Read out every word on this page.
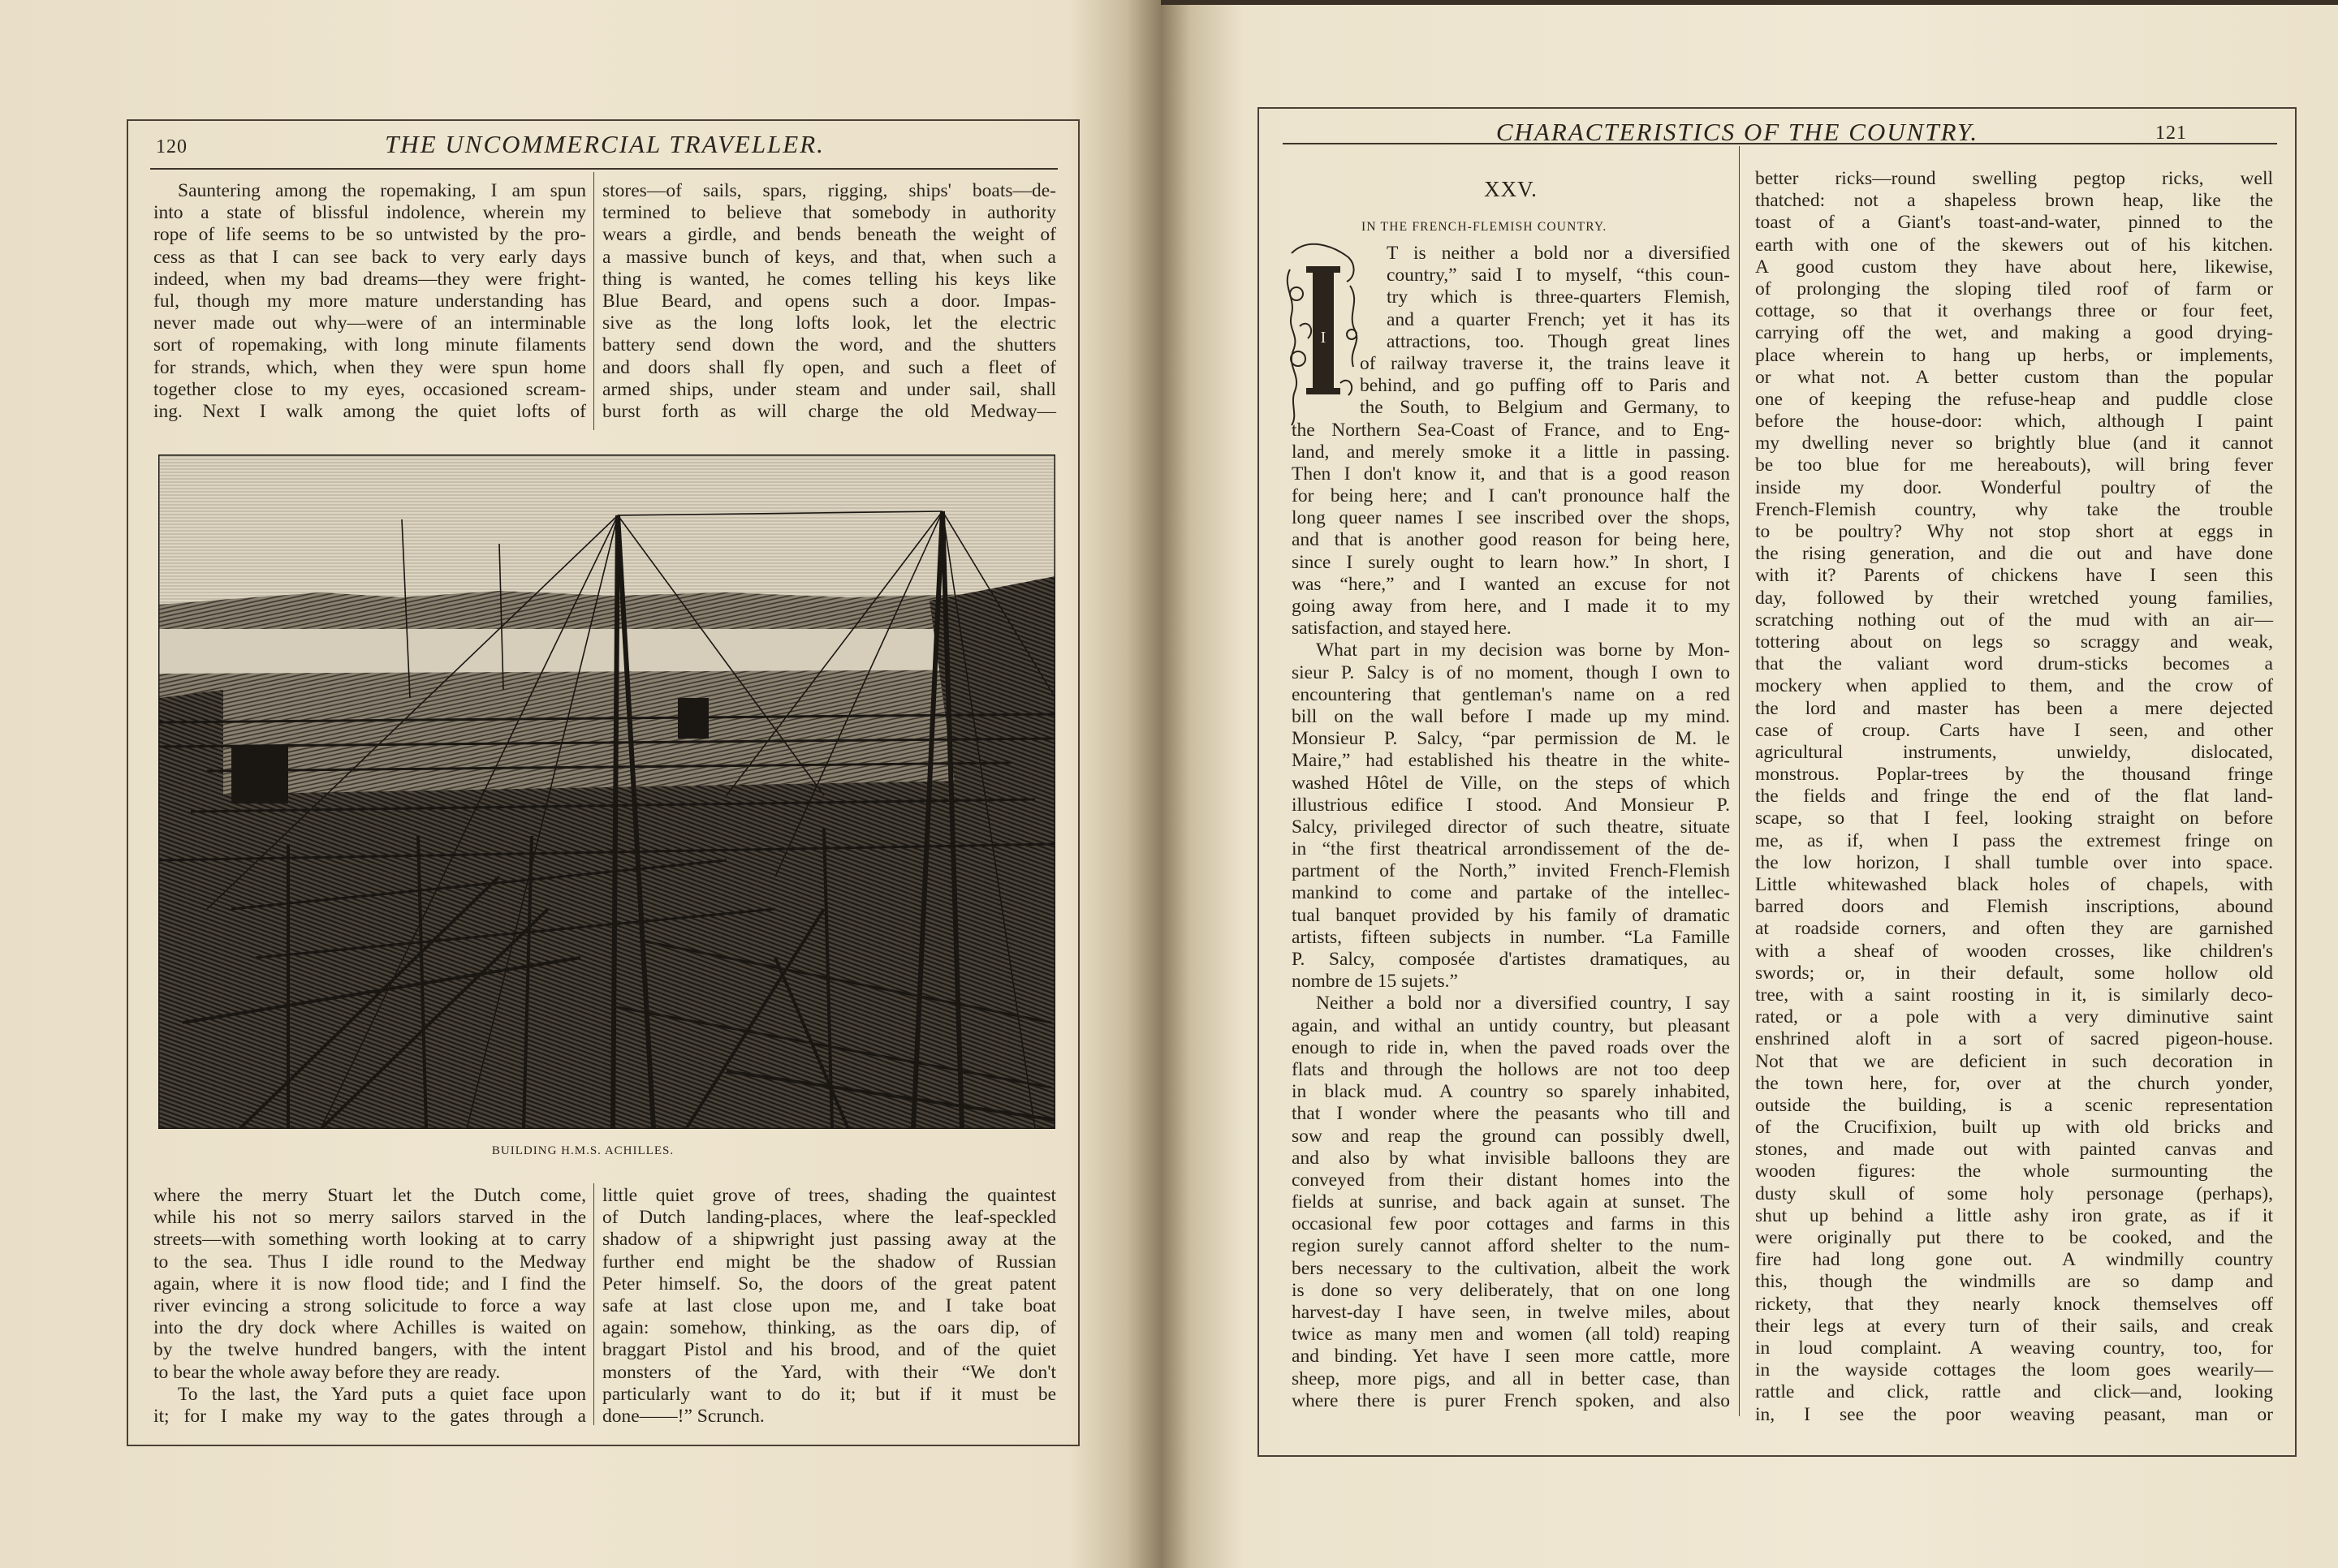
120	THE UNCOMMERCIAL TRAVELLER.
Sauntering among the ropemaking, I am spun
into a state of blissful indolence, wherein my
rope of life seems to be so untwisted by the pro-
cess as that I can see back to very early days
indeed, when my bad dreams—they were fright-
ful, though my more mature understanding has
never made out why—were of an interminable
sort of ropemaking, with long minute filaments
for strands, which, when they were spun home
together close to my eyes, occasioned scream-
ing. Next I walk among the quiet lofts of
stores—of sails, spars, rigging, ships' boats—de-
termined to believe that somebody in authority
wears a girdle, and bends beneath the weight of
a massive bunch of keys, and that, when such a
thing is wanted, he comes telling his keys like
Blue Beard, and opens such a door. Impas-
sive as the long lofts look, let the electric
battery send down the word, and the shutters
and doors shall fly open, and such a fleet of
armed ships, under steam and under sail, shall
burst forth as will charge the old Medway—
BUILDING H.M.S. ACHILLES.
where the merry Stuart let the Dutch come,
while his not so merry sailors starved in the
streets—with something worth looking at to carry
to the sea. Thus I idle round to the Medway
again, where it is now flood tide; and I find the
river evincing a strong solicitude to force a way
into the dry dock where Achilles is waited on
by the twelve hundred bangers, with the intent
to bear the whole away before they are ready.
To the last, the Yard puts a quiet face upon
it; for I make my way to the gates through a
little quiet grove of trees, shading the quaintest
of Dutch landing-places, where the leaf-speckled
shadow of a shipwright just passing away at the
further end might be the shadow of Russian
Peter himself. So, the doors of the great patent
safe at last close upon me, and I take boat
again: somehow, thinking, as the oars dip, of
braggart Pistol and his brood, and of the quiet
monsters of the Yard, with their “We don't
particularly want to do it; but if it must be
done——!” Scrunch.
CHARACTERISTICS OF THE COUNTRY.	121
XXV.
IN THE FRENCH-FLEMISH COUNTRY.
I
T is neither a bold nor a diversified
country,” said I to myself, “this coun-
try which is three-quarters Flemish,
and a quarter French; yet it has its
attractions, too. Though great lines
of railway traverse it, the trains leave it
behind, and go puffing off to Paris and
the South, to Belgium and Germany, to
the Northern Sea-Coast of France, and to Eng-
land, and merely smoke it a little in passing.
Then I don't know it, and that is a good reason
for being here; and I can't pronounce half the
long queer names I see inscribed over the shops,
and that is another good reason for being here,
since I surely ought to learn how.” In short, I
was “here,” and I wanted an excuse for not
going away from here, and I made it to my
satisfaction, and stayed here.
What part in my decision was borne by Mon-
sieur P. Salcy is of no moment, though I own to
encountering that gentleman's name on a red
bill on the wall before I made up my mind.
Monsieur P. Salcy, “par permission de M. le
Maire,” had established his theatre in the white-
washed Hôtel de Ville, on the steps of which
illustrious edifice I stood. And Monsieur P.
Salcy, privileged director of such theatre, situate
in “the first theatrical arrondissement of the de-
partment of the North,” invited French-Flemish
mankind to come and partake of the intellec-
tual banquet provided by his family of dramatic
artists, fifteen subjects in number. “La Famille
P. Salcy, composée d'artistes dramatiques, au
nombre de 15 sujets.”
Neither a bold nor a diversified country, I say
again, and withal an untidy country, but pleasant
enough to ride in, when the paved roads over the
flats and through the hollows are not too deep
in black mud. A country so sparely inhabited,
that I wonder where the peasants who till and
sow and reap the ground can possibly dwell,
and also by what invisible balloons they are
conveyed from their distant homes into the
fields at sunrise, and back again at sunset. The
occasional few poor cottages and farms in this
region surely cannot afford shelter to the num-
bers necessary to the cultivation, albeit the work
is done so very deliberately, that on one long
harvest-day I have seen, in twelve miles, about
twice as many men and women (all told) reaping
and binding. Yet have I seen more cattle, more
sheep, more pigs, and all in better case, than
where there is purer French spoken, and also
better ricks—round swelling pegtop ricks, well
thatched: not a shapeless brown heap, like the
toast of a Giant's toast-and-water, pinned to the
earth with one of the skewers out of his kitchen.
A good custom they have about here, likewise,
of prolonging the sloping tiled roof of farm or
cottage, so that it overhangs three or four feet,
carrying off the wet, and making a good drying-
place wherein to hang up herbs, or implements,
or what not. A better custom than the popular
one of keeping the refuse-heap and puddle close
before the house-door: which, although I paint
my dwelling never so brightly blue (and it cannot
be too blue for me hereabouts), will bring fever
inside my door. Wonderful poultry of the
French-Flemish country, why take the trouble
to be poultry? Why not stop short at eggs in
the rising generation, and die out and have done
with it? Parents of chickens have I seen this
day, followed by their wretched young families,
scratching nothing out of the mud with an air—
tottering about on legs so scraggy and weak,
that the valiant word drum-sticks becomes a
mockery when applied to them, and the crow of
the lord and master has been a mere dejected
case of croup. Carts have I seen, and other
agricultural instruments, unwieldy, dislocated,
monstrous. Poplar-trees by the thousand fringe
the fields and fringe the end of the flat land-
scape, so that I feel, looking straight on before
me, as if, when I pass the extremest fringe on
the low horizon, I shall tumble over into space.
Little whitewashed black holes of chapels, with
barred doors and Flemish inscriptions, abound
at roadside corners, and often they are garnished
with a sheaf of wooden crosses, like children's
swords; or, in their default, some hollow old
tree, with a saint roosting in it, is similarly deco-
rated, or a pole with a very diminutive saint
enshrined aloft in a sort of sacred pigeon-house.
Not that we are deficient in such decoration in
the town here, for, over at the church yonder,
outside the building, is a scenic representation
of the Crucifixion, built up with old bricks and
stones, and made out with painted canvas and
wooden figures: the whole surmounting the
dusty skull of some holy personage (perhaps),
shut up behind a little ashy iron grate, as if it
were originally put there to be cooked, and the
fire had long gone out. A windmilly country
this, though the windmills are so damp and
rickety, that they nearly knock themselves off
their legs at every turn of their sails, and creak
in loud complaint. A weaving country, too, for
in the wayside cottages the loom goes wearily—
rattle and click, rattle and click—and, looking
in, I see the poor weaving peasant, man or
